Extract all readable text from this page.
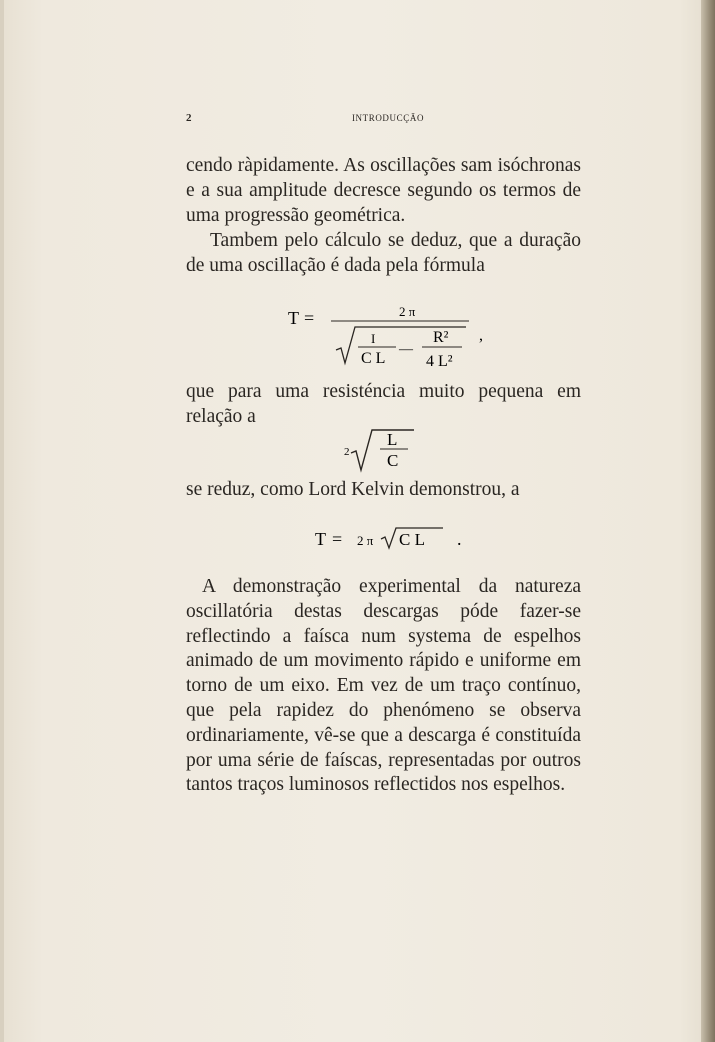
2	INTRODUCÇÃO
cendo ràpidamente. As oscillações sam isóchronas e a sua amplitude decresce segundo os termos de uma progressão geométrica.
Tambem pelo cálculo se deduz, que a duração de uma oscillação é dada pela fórmula
T =	2 π
I
C L
—
R²
4 L²
,
que para uma resisténcia muito pequena em relação a
2
L
C
se reduz, como Lord Kelvin demonstrou, a
T = 2 π C L .
A demonstração experimental da natureza oscillatória destas descargas póde fazer-se reflectindo a faísca num systema de espelhos animado de um movimento rápido e uniforme em torno de um eixo. Em vez de um traço contínuo, que pela rapidez do phenómeno se observa ordinariamente, vê-se que a descarga é constituída por uma série de faíscas, representadas por outros tantos traços luminosos reflectidos nos espelhos.
